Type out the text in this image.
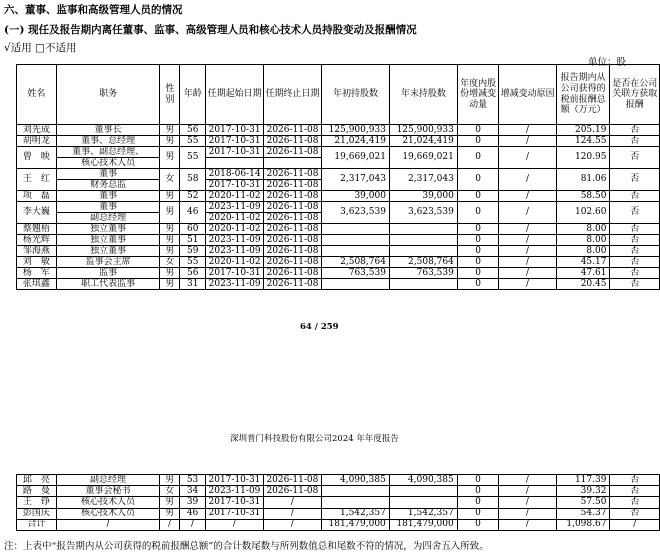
六、董事、监事和高级管理人员的情况
(一) 现任及报告期内离任董事、监事、高级管理人员和核心技术人员持股变动及报酬情况
√适用 □不适用
单位：股
姓名	职务	性别	年龄	任期起始日期	任期终止日期	年初持股数	年末持股数	年度内股份增减变动量	增减变动原因	报告期内从公司获得的税前报酬总额（万元）	是否在公司关联方获取报酬
刘先成	董事长	男	56	2017-10-31	2026-11-08	125,900,933	125,900,933	0	/	205.19	否
胡明龙	董事、总经理	男	55	2017-10-31	2026-11-08	21,024,419	21,024,419	0	/	124.55	否
曾　映	董事、副总经理、	男	55	2017-10-31	2026-11-08	19,669,021	19,669,021	0	/	120.95	否
	核心技术人员										
王　红	董事	女	58	2018-06-14	2026-11-08	2,317,043	2,317,043	0	/	81.06	否
	财务总监			2017-10-31	2026-11-08						
项　磊	董事	男	52	2020-11-02	2026-11-08	39,000	39,000	0	/	58.50	否
李大巍	董事	男	46	2023-11-09	2026-11-08	3,623,539	3,623,539	0	/	102.60	否
	副总经理			2020-11-02	2026-11-08						
蔡翘梧	独立董事	男	60	2020-11-02	2026-11-08			0	/	8.00	否
杨光辉	独立董事	男	51	2023-11-09	2026-11-08			0	/	8.00	否
邹海燕	独立董事	男	59	2023-11-09	2026-11-08			0	/	8.00	否
刘　敏	监事会主席	女	55	2020-11-02	2026-11-08	2,508,764	2,508,764	0	/	45.17	否
杨　军	监事	男	56	2017-10-31	2026-11-08	763,539	763,539	0	/	47.61	否
张琪鑫	职工代表监事	男	31	2023-11-09	2026-11-08			0	/	20.45	否
64 / 259
深圳普门科技股份有限公司2024 年年度报告
邱　亮	副总经理	男	53	2017-10-31	2026-11-08	4,090,385	4,090,385	0	/	117.39	否
路　曼	董事会秘书	女	34	2023-11-09	2026-11-08			0	/	39.32	否
王　铮	核心技术人员	男	39	2017-10-31	/			0	/	57.50	否
彭国庆	核心技术人员	男	46	2017-10-31	/	1,542,357	1,542,357	0	/	54.37	否
合计	/	/	/	/	/	181,479,000	181,479,000	0	/	1,098.67	/
注：上表中“报告期内从公司获得的税前报酬总额”的合计数尾数与所列数值总和尾数不符的情况，为四舍五入所致。
